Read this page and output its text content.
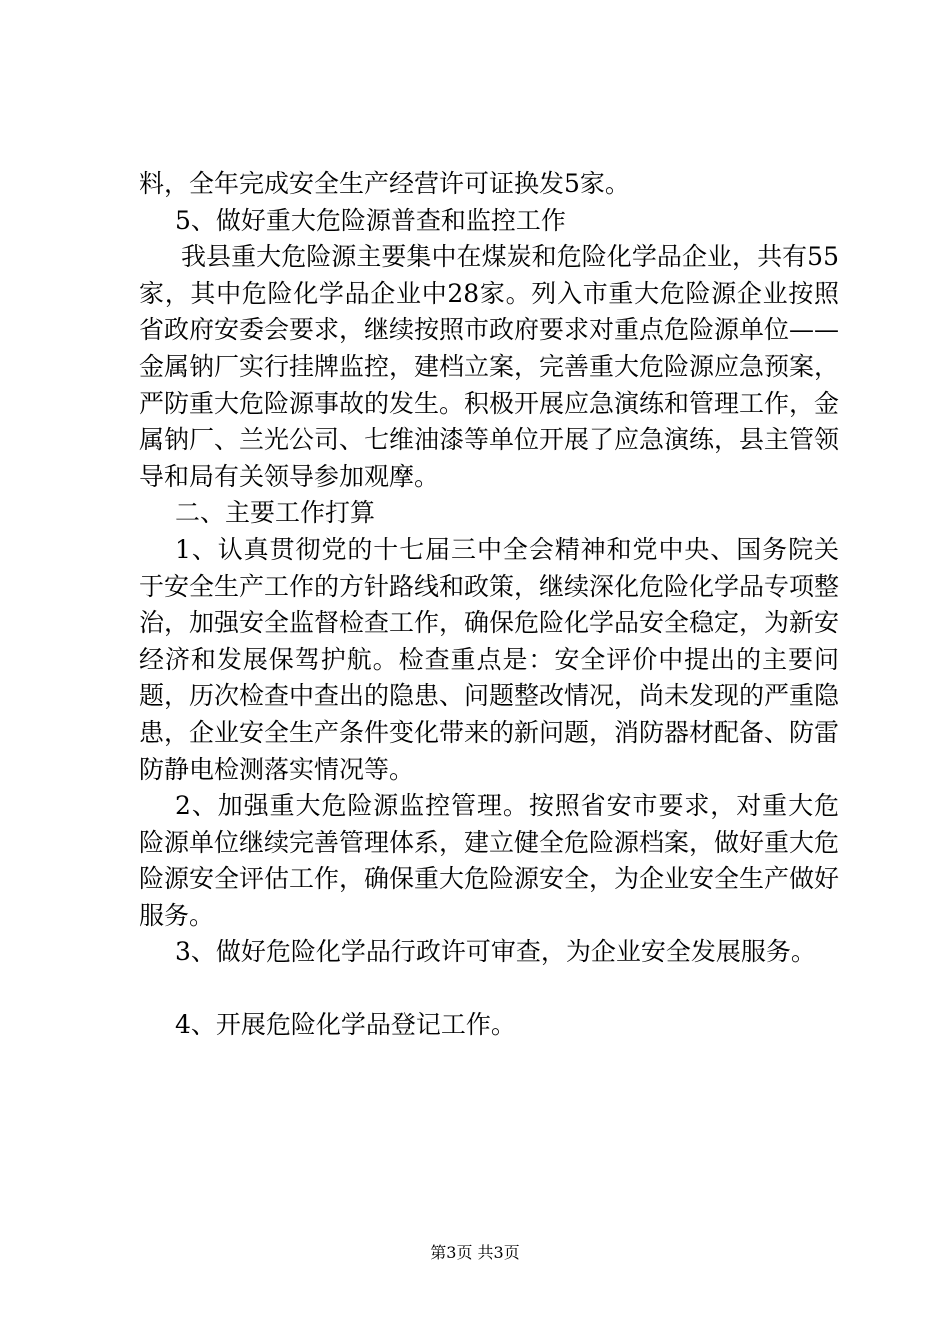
料，全年完成安全生产经营许可证换发5家。

5、做好重大危险源普查和监控工作

我县重大危险源主要集中在煤炭和危险化学品企业，共有55家，其中危险化学品企业中28家。列入市重大危险源企业按照省政府安委会要求，继续按照市政府要求对重点危险源单位——金属钠厂实行挂牌监控，建档立案，完善重大危险源应急预案，严防重大危险源事故的发生。积极开展应急演练和管理工作，金属钠厂、兰光公司、七维油漆等单位开展了应急演练，县主管领导和局有关领导参加观摩。

二、主要工作打算

1、认真贯彻党的十七届三中全会精神和党中央、国务院关于安全生产工作的方针路线和政策，继续深化危险化学品专项整治，加强安全监督检查工作，确保危险化学品安全稳定，为新安经济和发展保驾护航。检查重点是：安全评价中提出的主要问题，历次检查中查出的隐患、问题整改情况，尚未发现的严重隐患，企业安全生产条件变化带来的新问题，消防器材配备、防雷防静电检测落实情况等。

2、加强重大危险源监控管理。按照省安市要求，对重大危险源单位继续完善管理体系，建立健全危险源档案，做好重大危险源安全评估工作，确保重大危险源安全，为企业安全生产做好服务。

3、做好危险化学品行政许可审查，为企业安全发展服务。

4、开展危险化学品登记工作。

第3页 共3页
